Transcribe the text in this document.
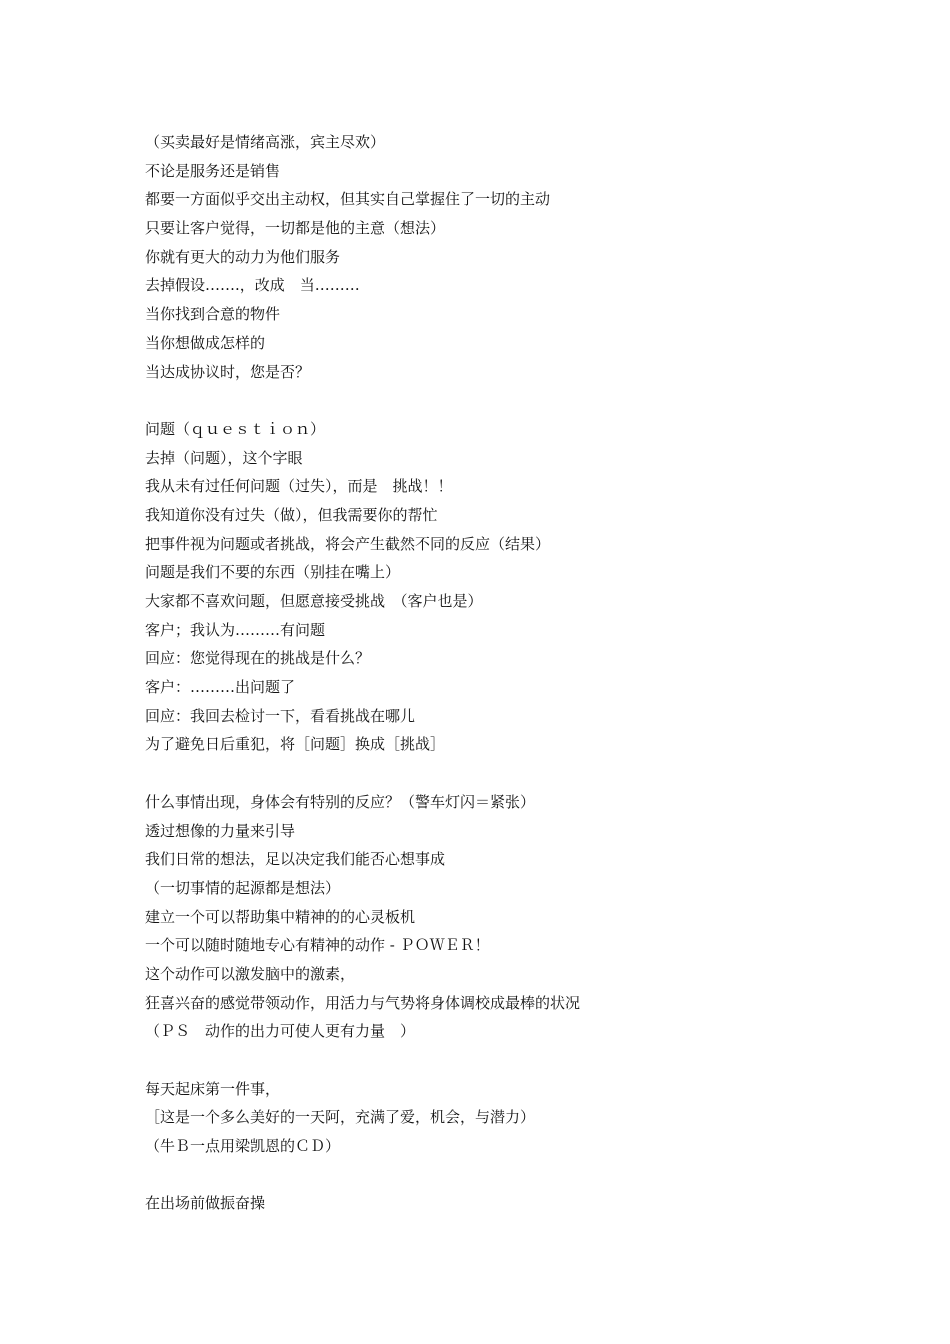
（买卖最好是情绪高涨，宾主尽欢）
不论是服务还是销售
都要一方面似乎交出主动权，但其实自己掌握住了一切的主动
只要让客户觉得，一切都是他的主意（想法）
你就有更大的动力为他们服务
去掉假设…….，改成　当………
当你找到合意的物件
当你想做成怎样的
当达成协议时，您是否？
问题（ｑｕｅｓｔｉｏｎ）
去掉（问题），这个字眼
我从未有过任何问题（过失），而是　挑战！！
我知道你没有过失（做），但我需要你的帮忙
把事件视为问题或者挑战，将会产生截然不同的反应（结果）
问题是我们不要的东西（别挂在嘴上）
大家都不喜欢问题，但愿意接受挑战　（客户也是）
客户；我认为………有问题
回应：您觉得现在的挑战是什么？
客户：………出问题了
回应：我回去检讨一下，看看挑战在哪儿
为了避免日后重犯，将［问题］换成［挑战］
什么事情出现，身体会有特别的反应？（警车灯闪＝紧张）
透过想像的力量来引导
我们日常的想法，足以决定我们能否心想事成
（一切事情的起源都是想法）
建立一个可以帮助集中精神的的心灵板机
一个可以随时随地专心有精神的动作 - ＰＯＷＥＲ！
这个动作可以激发脑中的激素，
狂喜兴奋的感觉带领动作，用活力与气势将身体调校成最棒的状况
（ＰＳ　动作的出力可使人更有力量　）
每天起床第一件事，
［这是一个多么美好的一天阿，充满了爱，机会，与潜力）
（牛Ｂ一点用梁凯恩的ＣＤ）
在出场前做振奋操
